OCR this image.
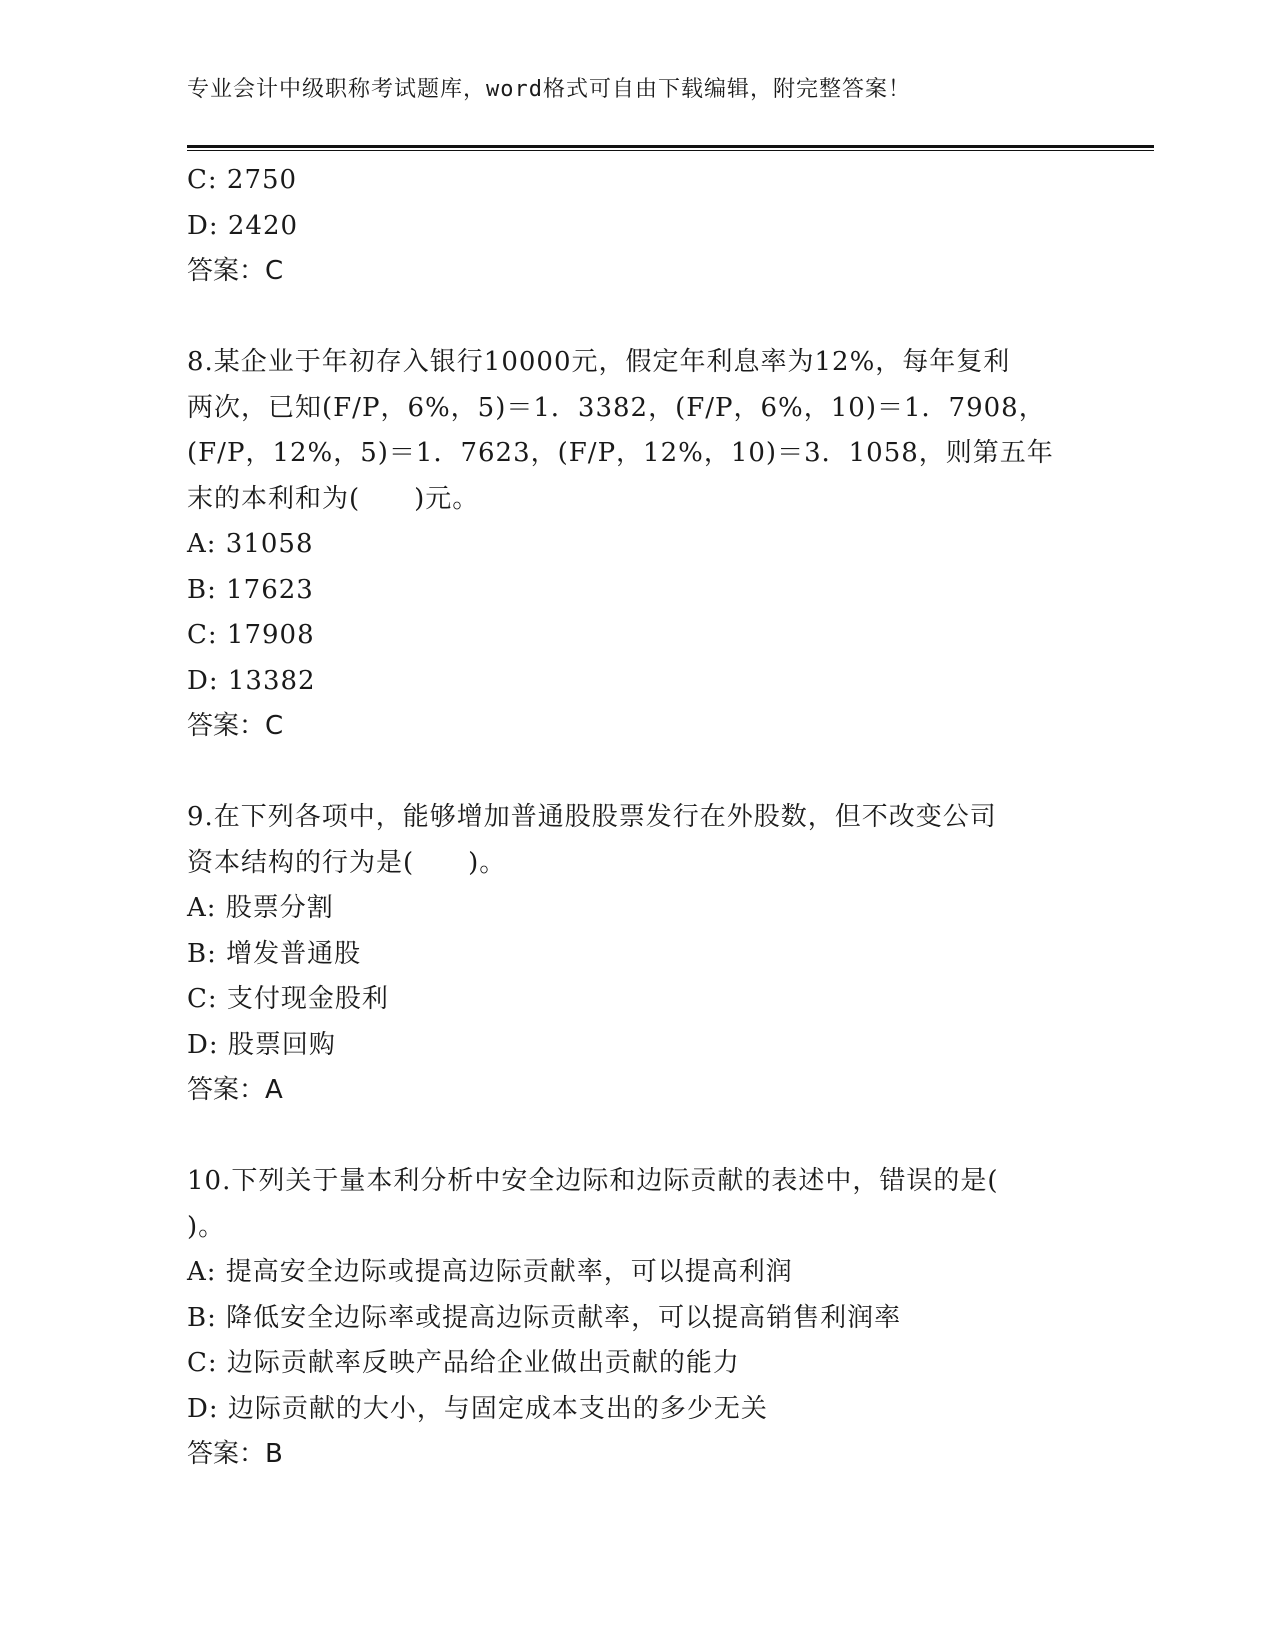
专业会计中级职称考试题库，word格式可自由下载编辑，附完整答案！
C: 2750
D: 2420
答案：C
8.某企业于年初存入银行10000元，假定年利息率为12%，每年复利
两次，已知(F/P，6%，5)＝1．3382，(F/P，6%，10)＝1．7908，
(F/P，12%，5)＝1．7623，(F/P，12%，10)＝3．1058，则第五年
末的本利和为(　　)元。
A: 31058
B: 17623
C: 17908
D: 13382
答案：C
9.在下列各项中，能够增加普通股股票发行在外股数，但不改变公司
资本结构的行为是(　　)。
A: 股票分割
B: 增发普通股
C: 支付现金股利
D: 股票回购
答案：A
10.下列关于量本利分析中安全边际和边际贡献的表述中，错误的是(
)。
A: 提高安全边际或提高边际贡献率，可以提高利润
B: 降低安全边际率或提高边际贡献率，可以提高销售利润率
C: 边际贡献率反映产品给企业做出贡献的能力
D: 边际贡献的大小，与固定成本支出的多少无关
答案：B
